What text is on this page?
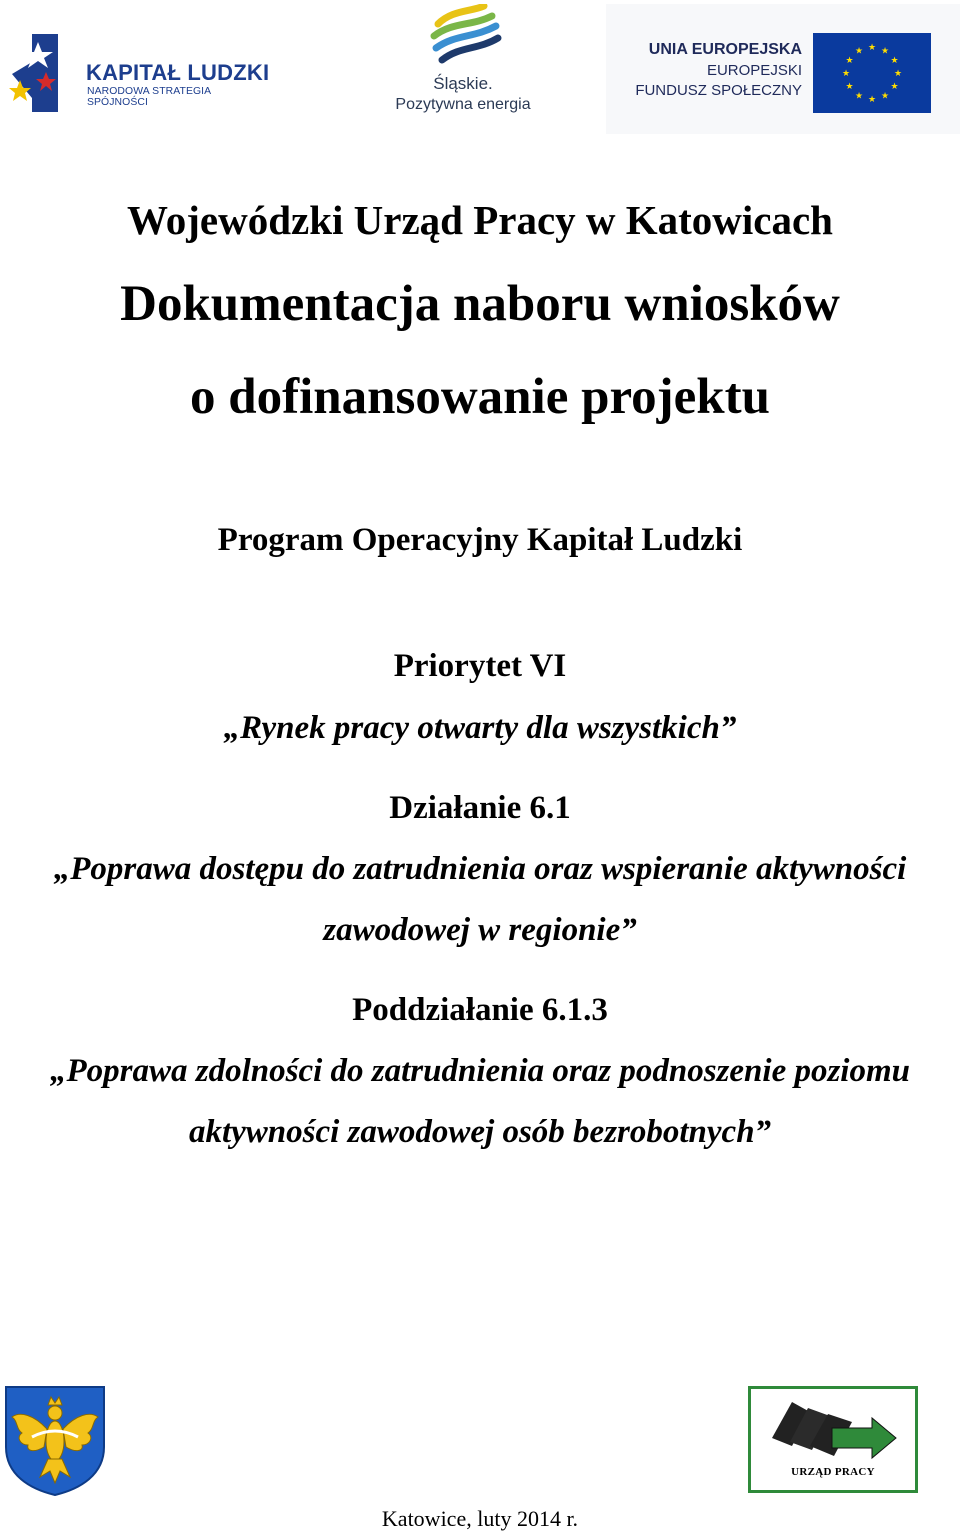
KAPITAŁ LUDZKI
NARODOWA STRATEGIA SPÓJNOŚCI
Śląskie.
Pozytywna energia
UNIA EUROPEJSKA
EUROPEJSKI
FUNDUSZ SPOŁECZNY
★ ★
★
★
★
★
★
★
★
★
★
★
Wojewódzki Urząd Pracy w Katowicach
Dokumentacja naboru wniosków
o dofinansowanie projektu
Program Operacyjny Kapitał Ludzki
Priorytet VI
„Rynek pracy otwarty dla wszystkich”
Działanie 6.1
„Poprawa dostępu do zatrudnienia oraz wspieranie aktywności
zawodowej w regionie”
Poddziałanie 6.1.3
„Poprawa zdolności do zatrudnienia oraz podnoszenie poziomu
aktywności zawodowej osób bezrobotnych”
URZĄD PRACY
Katowice, luty 2014 r.
